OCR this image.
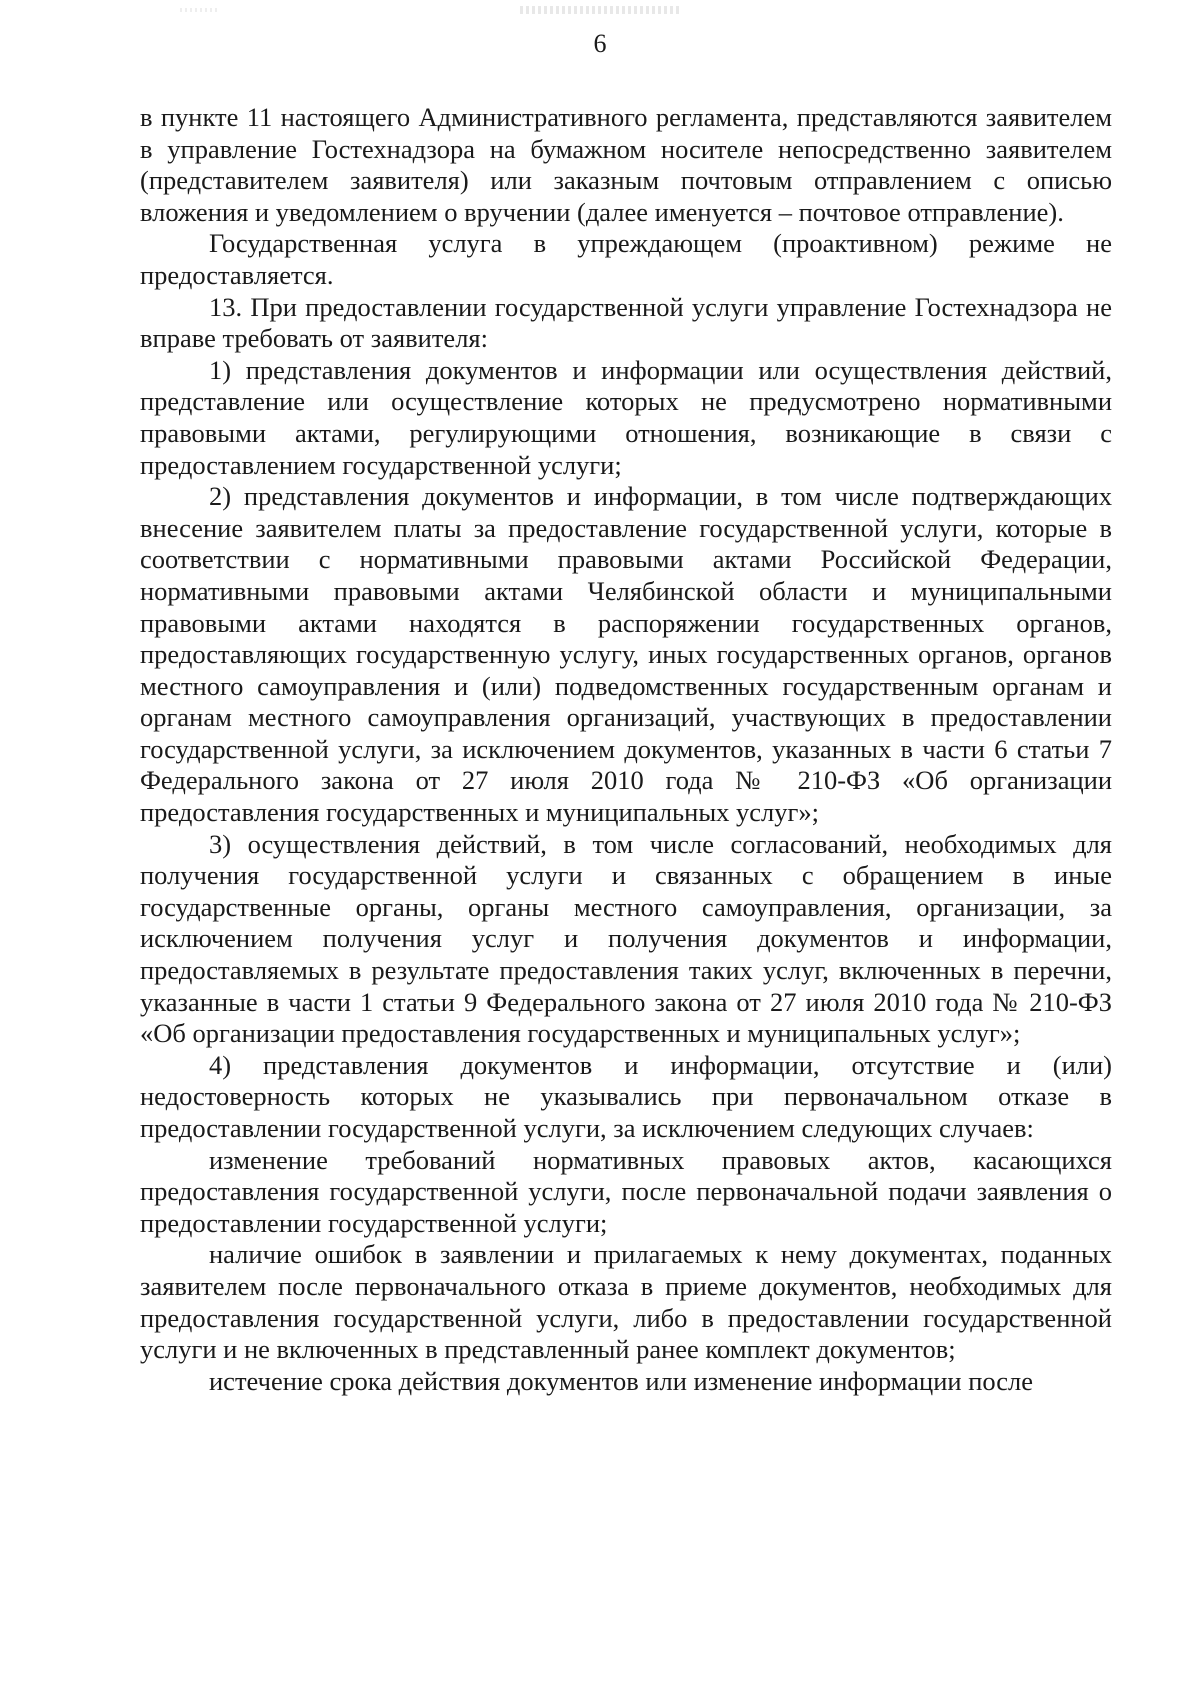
6

в пункте 11 настоящего Административного регламента, представляются заявителем в управление Гостехнадзора на бумажном носителе непосредственно заявителем (представителем заявителя) или заказным почтовым отправлением с описью вложения и уведомлением о вручении (далее именуется – почтовое отправление).

Государственная услуга в упреждающем (проактивном) режиме не предоставляется.

13. При предоставлении государственной услуги управление Гостехнадзора не вправе требовать от заявителя:

1) представления документов и информации или осуществления действий, представление или осуществление которых не предусмотрено нормативными правовыми актами, регулирующими отношения, возникающие в связи с предоставлением государственной услуги;

2) представления документов и информации, в том числе подтверждающих внесение заявителем платы за предоставление государственной услуги, которые в соответствии с нормативными правовыми актами Российской Федерации, нормативными правовыми актами Челябинской области и муниципальными правовыми актами находятся в распоряжении государственных органов, предоставляющих государственную услугу, иных государственных органов, органов местного самоуправления и (или) подведомственных государственным органам и органам местного самоуправления организаций, участвующих в предоставлении государственной услуги, за исключением документов, указанных в части 6 статьи 7 Федерального закона от 27 июля 2010 года № 210-ФЗ «Об организации предоставления государственных и муниципальных услуг»;

3) осуществления действий, в том числе согласований, необходимых для получения государственной услуги и связанных с обращением в иные государственные органы, органы местного самоуправления, организации, за исключением получения услуг и получения документов и информации, предоставляемых в результате предоставления таких услуг, включенных в перечни, указанные в части 1 статьи 9 Федерального закона от 27 июля 2010 года № 210-ФЗ «Об организации предоставления государственных и муниципальных услуг»;

4) представления документов и информации, отсутствие и (или) недостоверность которых не указывались при первоначальном отказе в предоставлении государственной услуги, за исключением следующих случаев:

изменение требований нормативных правовых актов, касающихся предоставления государственной услуги, после первоначальной подачи заявления о предоставлении государственной услуги;

наличие ошибок в заявлении и прилагаемых к нему документах, поданных заявителем после первоначального отказа в приеме документов, необходимых для предоставления государственной услуги, либо в предоставлении государственной услуги и не включенных в представленный ранее комплект документов;

истечение срока действия документов или изменение информации после
